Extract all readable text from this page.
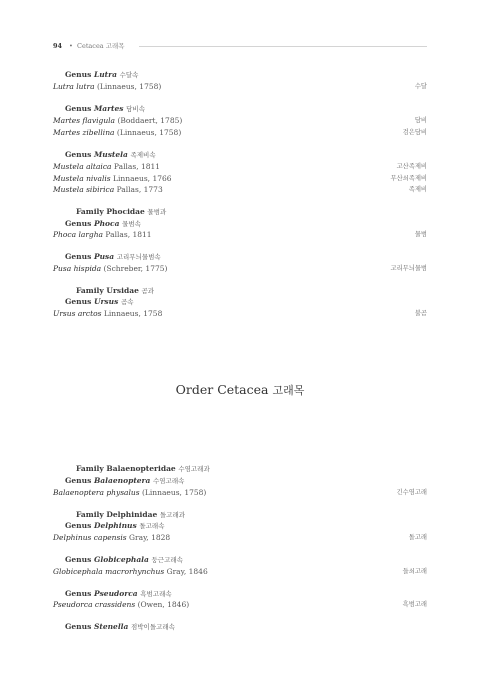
94 • Cetacea 고래목
Genus Lutra 수달속
Lutra lutra (Linnaeus, 1758)	수달
Genus Martes 담비속
Martes flavigula (Boddaert, 1785)	담비
Martes zibellina (Linnaeus, 1758)	검은담비
Genus Mustela 족제비속
Mustela altaica Pallas, 1811	고산족제비
Mustela nivalis Linnaeus, 1766	무산쇠족제비
Mustela sibirica Pallas, 1773	족제비
Family Phocidae 물범과
Genus Phoca 물범속
Phoca largha Pallas, 1811	물범
Genus Pusa 고리무늬물범속
Pusa hispida (Schreber, 1775)	고리무늬물범
Family Ursidae 곰과
Genus Ursus 곰속
Ursus arctos Linnaeus, 1758	불곰
Order Cetacea 고래목
Family Balaenopteridae 수염고래과
Genus Balaenoptera 수염고래속
Balaenoptera physalus (Linnaeus, 1758)	긴수염고래
Family Delphinidae 돌고래과
Genus Delphinus 돌고래속
Delphinus capensis Gray, 1828	돌고래
Genus Globicephala 둥근고래속
Globicephala macrorhynchus Gray, 1846	들쇠고래
Genus Pseudorca 흑범고래속
Pseudorca crassidens (Owen, 1846)	흑범고래
Genus Stenella 점박이돌고래속
